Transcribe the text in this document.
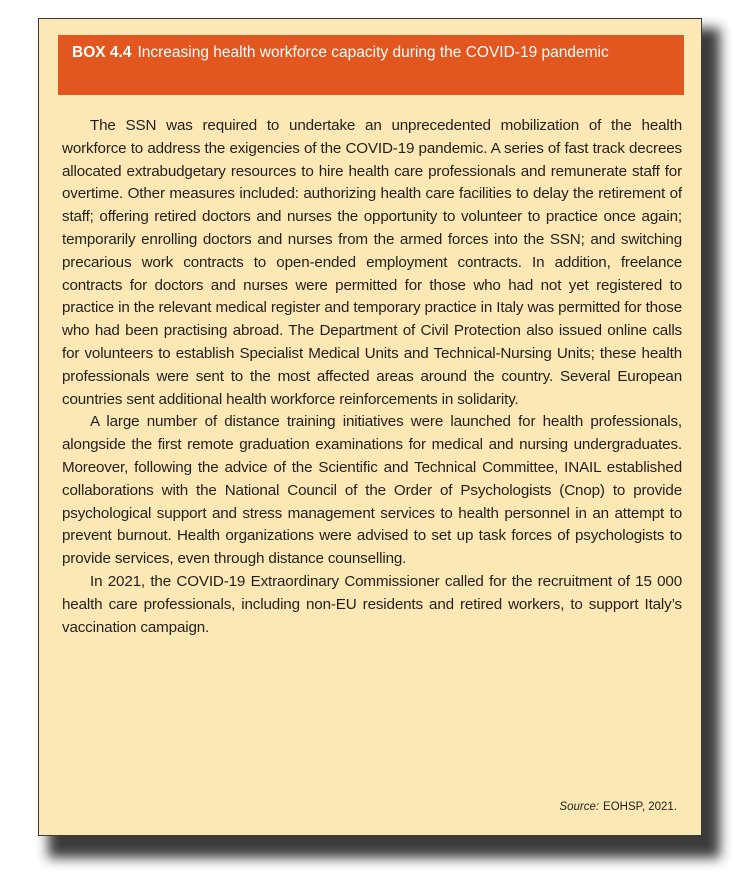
BOX 4.4 Increasing health workforce capacity during the COVID-19 pandemic

The SSN was required to undertake an unprecedented mobilization of the health workforce to address the exigencies of the COVID-19 pandemic. A series of fast track decrees allocated extrabudgetary resources to hire health care professionals and remunerate staff for overtime. Other measures included: authorizing health care facilities to delay the retirement of staff; offering retired doctors and nurses the opportunity to volunteer to practice once again; temporarily enrolling doctors and nurses from the armed forces into the SSN; and switching precarious work contracts to open-ended employment contracts. In addition, freelance contracts for doctors and nurses were permitted for those who had not yet registered to practice in the relevant medical register and temporary practice in Italy was permitted for those who had been practising abroad. The Department of Civil Protection also issued online calls for volunteers to establish Specialist Medical Units and Technical-Nursing Units; these health professionals were sent to the most affected areas around the country. Several European countries sent additional health workforce reinforcements in solidarity.

A large number of distance training initiatives were launched for health professionals, alongside the first remote graduation examinations for medical and nursing undergraduates. Moreover, following the advice of the Scientific and Technical Committee, INAIL established collaborations with the National Council of the Order of Psychologists (Cnop) to provide psychological support and stress management services to health personnel in an attempt to prevent burnout. Health organizations were advised to set up task forces of psychologists to provide services, even through distance counselling.

In 2021, the COVID-19 Extraordinary Commissioner called for the recruitment of 15 000 health care professionals, including non-EU residents and retired workers, to support Italy’s vaccination campaign.

Source: EOHSP, 2021.
